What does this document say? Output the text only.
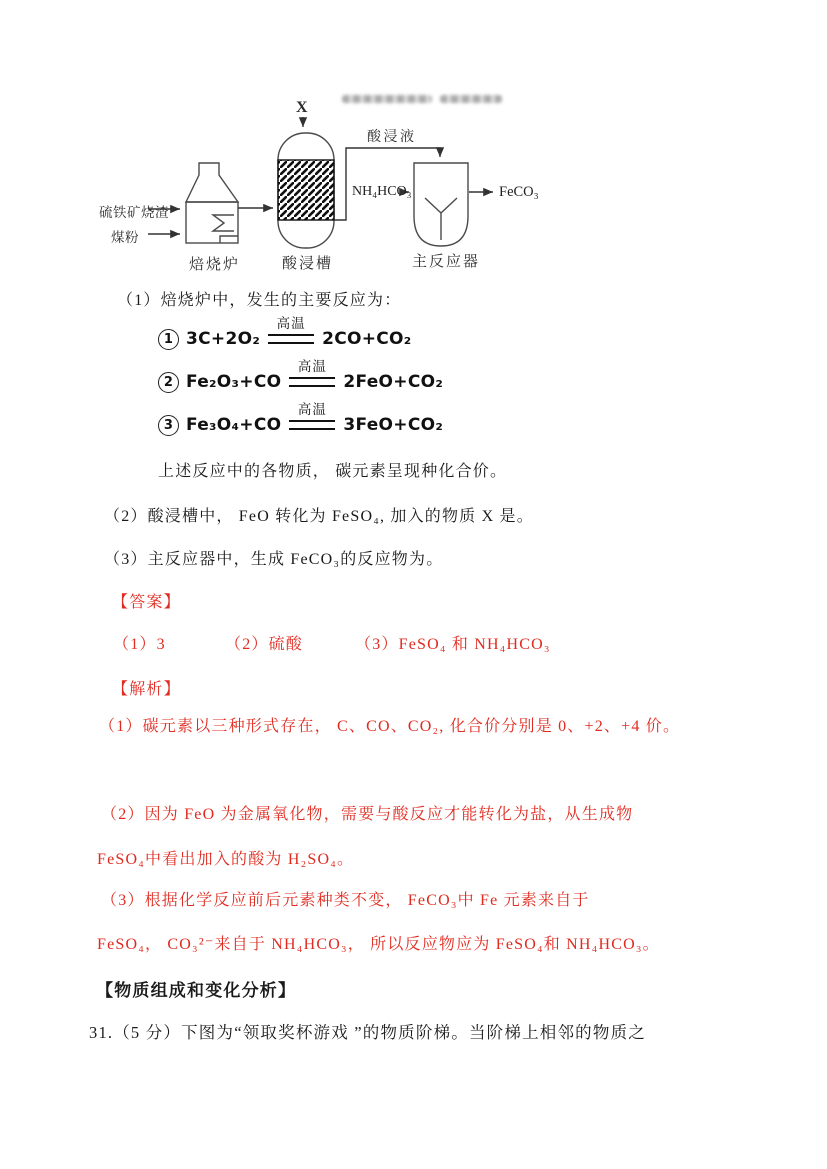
X
硫铁矿烧渣
煤粉
焙烧炉	酸浸槽	主反应器
酸浸液
NH₄HCO₃	FeCO₃
（1）焙烧炉中，发生的主要反应为：
1 3C+2O₂
高温
2CO+CO₂
2 Fe₂O₃+CO
高温
2FeO+CO₂
3 Fe₃O₄+CO
高温
3FeO+CO₂
上述反应中的各物质， 碳元素呈现种化合价。
（2）酸浸槽中， FeO 转化为 FeSO₄, 加入的物质 X 是。
（3）主反应器中，生成 FeCO₃的反应物为。
【答案】
（1）3	（2）硫酸	（3）FeSO₄ 和 NH₄HCO₃
【解析】
（1）碳元素以三种形式存在， C、CO、CO₂, 化合价分别是 0、+2、+4 价。
（2）因为 FeO 为金属氧化物，需要与酸反应才能转化为盐，从生成物
FeSO₄中看出加入的酸为 H₂SO₄。
（3）根据化学反应前后元素种类不变， FeCO₃中 Fe 元素来自于
FeSO₄， CO₃²⁻来自于 NH₄HCO₃， 所以反应物应为 FeSO₄和 NH₄HCO₃。
【物质组成和变化分析】
31.（5 分）下图为“领取奖杯游戏 ”的物质阶梯。当阶梯上相邻的物质之
